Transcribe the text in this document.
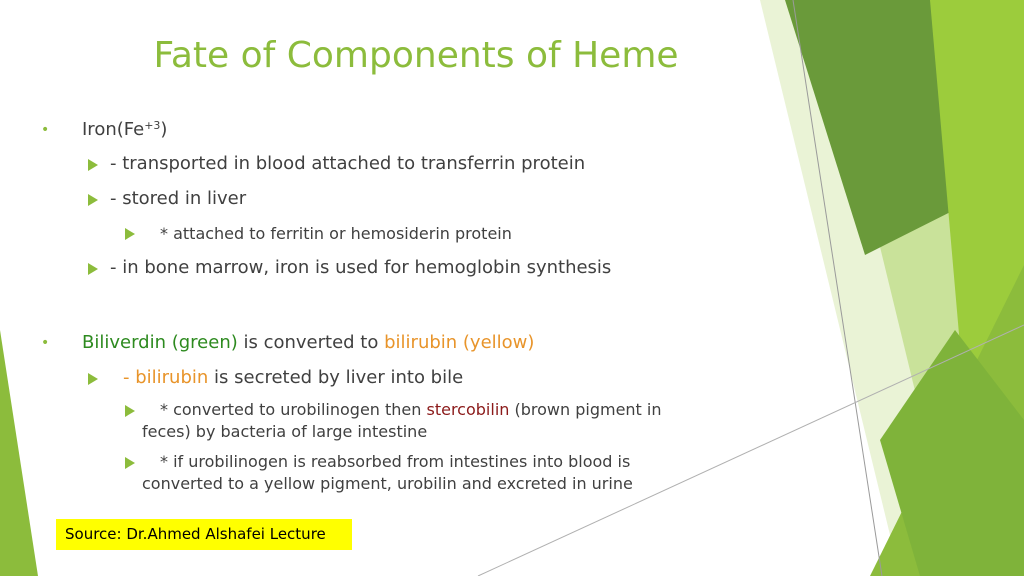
Fate of Components of Heme
• $Iron(Fe^{+3})$
- transported in blood attached to transferrin protein
- stored in liver
* attached to ferritin or hemosiderin protein
- in bone marrow, iron is used for hemoglobin synthesis
• Biliverdin (green) is converted to bilirubin (yellow)
- bilirubin is secreted by liver into bile
* converted to urobilinogen then stercobilin (brown pigment in
feces) by bacteria of large intestine
* if urobilinogen is reabsorbed from intestines into blood is
converted to a yellow pigment, urobilin and excreted in urine
Source: Dr.Ahmed Alshafei Lecture
